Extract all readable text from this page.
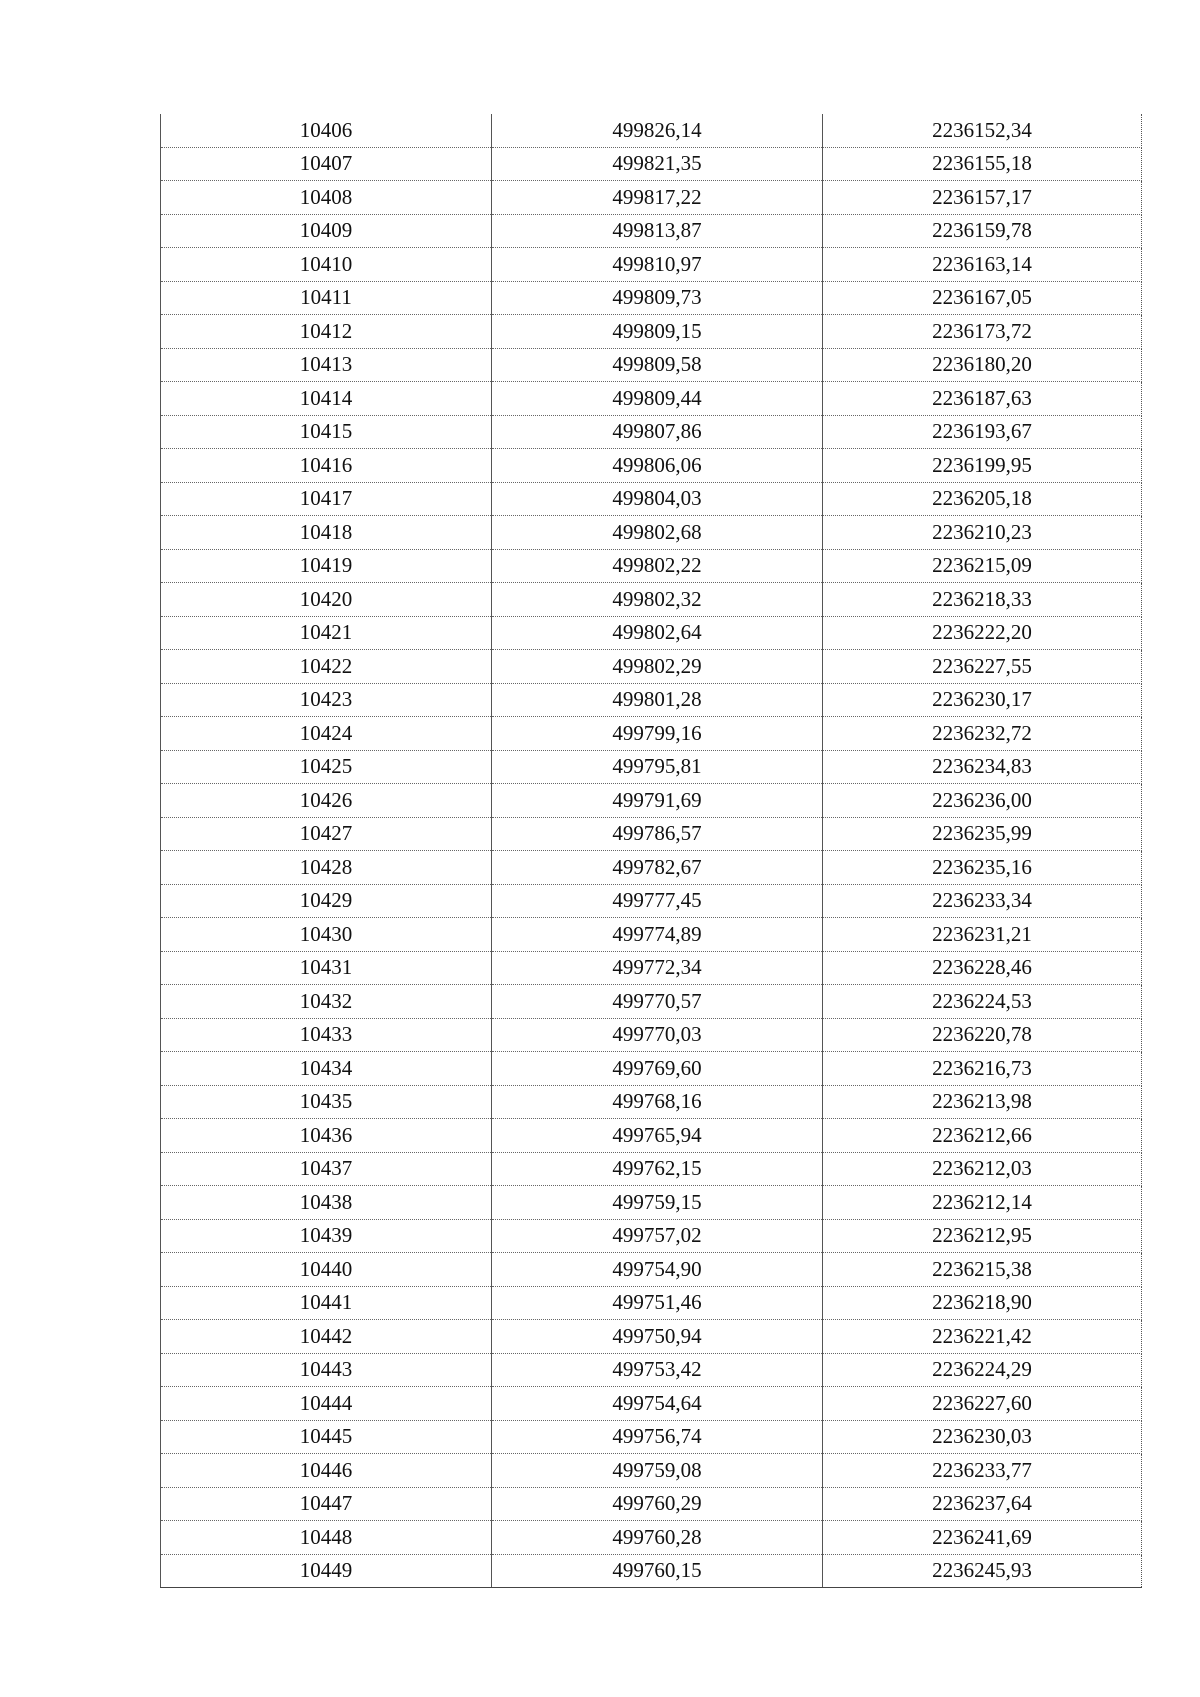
10406	499826,14	2236152,34
10407	499821,35	2236155,18
10408	499817,22	2236157,17
10409	499813,87	2236159,78
10410	499810,97	2236163,14
10411	499809,73	2236167,05
10412	499809,15	2236173,72
10413	499809,58	2236180,20
10414	499809,44	2236187,63
10415	499807,86	2236193,67
10416	499806,06	2236199,95
10417	499804,03	2236205,18
10418	499802,68	2236210,23
10419	499802,22	2236215,09
10420	499802,32	2236218,33
10421	499802,64	2236222,20
10422	499802,29	2236227,55
10423	499801,28	2236230,17
10424	499799,16	2236232,72
10425	499795,81	2236234,83
10426	499791,69	2236236,00
10427	499786,57	2236235,99
10428	499782,67	2236235,16
10429	499777,45	2236233,34
10430	499774,89	2236231,21
10431	499772,34	2236228,46
10432	499770,57	2236224,53
10433	499770,03	2236220,78
10434	499769,60	2236216,73
10435	499768,16	2236213,98
10436	499765,94	2236212,66
10437	499762,15	2236212,03
10438	499759,15	2236212,14
10439	499757,02	2236212,95
10440	499754,90	2236215,38
10441	499751,46	2236218,90
10442	499750,94	2236221,42
10443	499753,42	2236224,29
10444	499754,64	2236227,60
10445	499756,74	2236230,03
10446	499759,08	2236233,77
10447	499760,29	2236237,64
10448	499760,28	2236241,69
10449	499760,15	2236245,93
